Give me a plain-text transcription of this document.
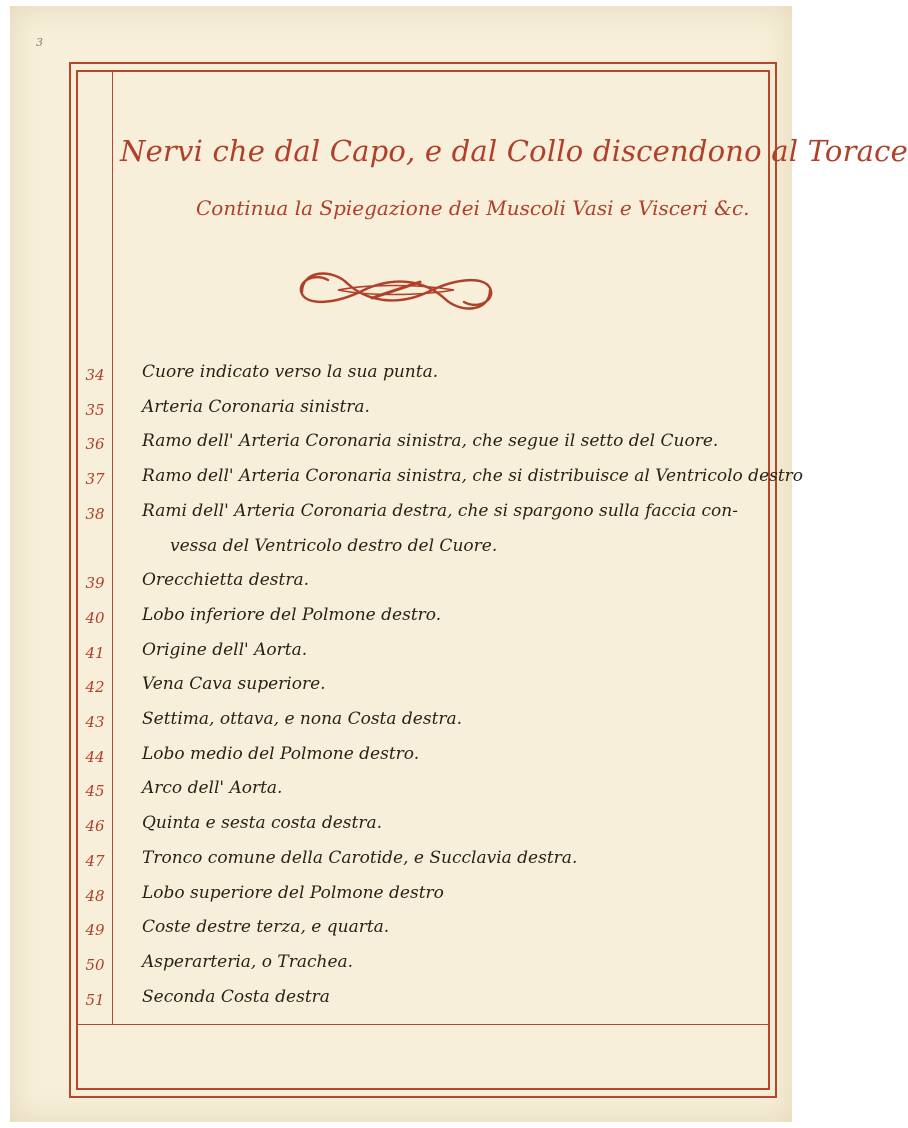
3
Nervi che dal Capo, e dal Collo discendono al Torace
Continua la Spiegazione dei Muscoli Vasi e Visceri &c.
34	Cuore indicato verso la sua punta.
35	Arteria Coronaria sinistra.
36	Ramo dell' Arteria Coronaria sinistra, che segue il setto del Cuore.
37	Ramo dell' Arteria Coronaria sinistra, che si distribuisce al Ventricolo destro
38	Rami dell' Arteria Coronaria destra, che si spargono sulla faccia con-
vessa del Ventricolo destro del Cuore.
39	Orecchietta destra.
40	Lobo inferiore del Polmone destro.
41	Origine dell' Aorta.
42	Vena Cava superiore.
43	Settima, ottava, e nona Costa destra.
44	Lobo medio del Polmone destro.
45	Arco dell' Aorta.
46	Quinta e sesta costa destra.
47	Tronco comune della Carotide, e Succlavia destra.
48	Lobo superiore del Polmone destro
49	Coste destre terza, e quarta.
50	Asperarteria, o Trachea.
51	Seconda Costa destra
